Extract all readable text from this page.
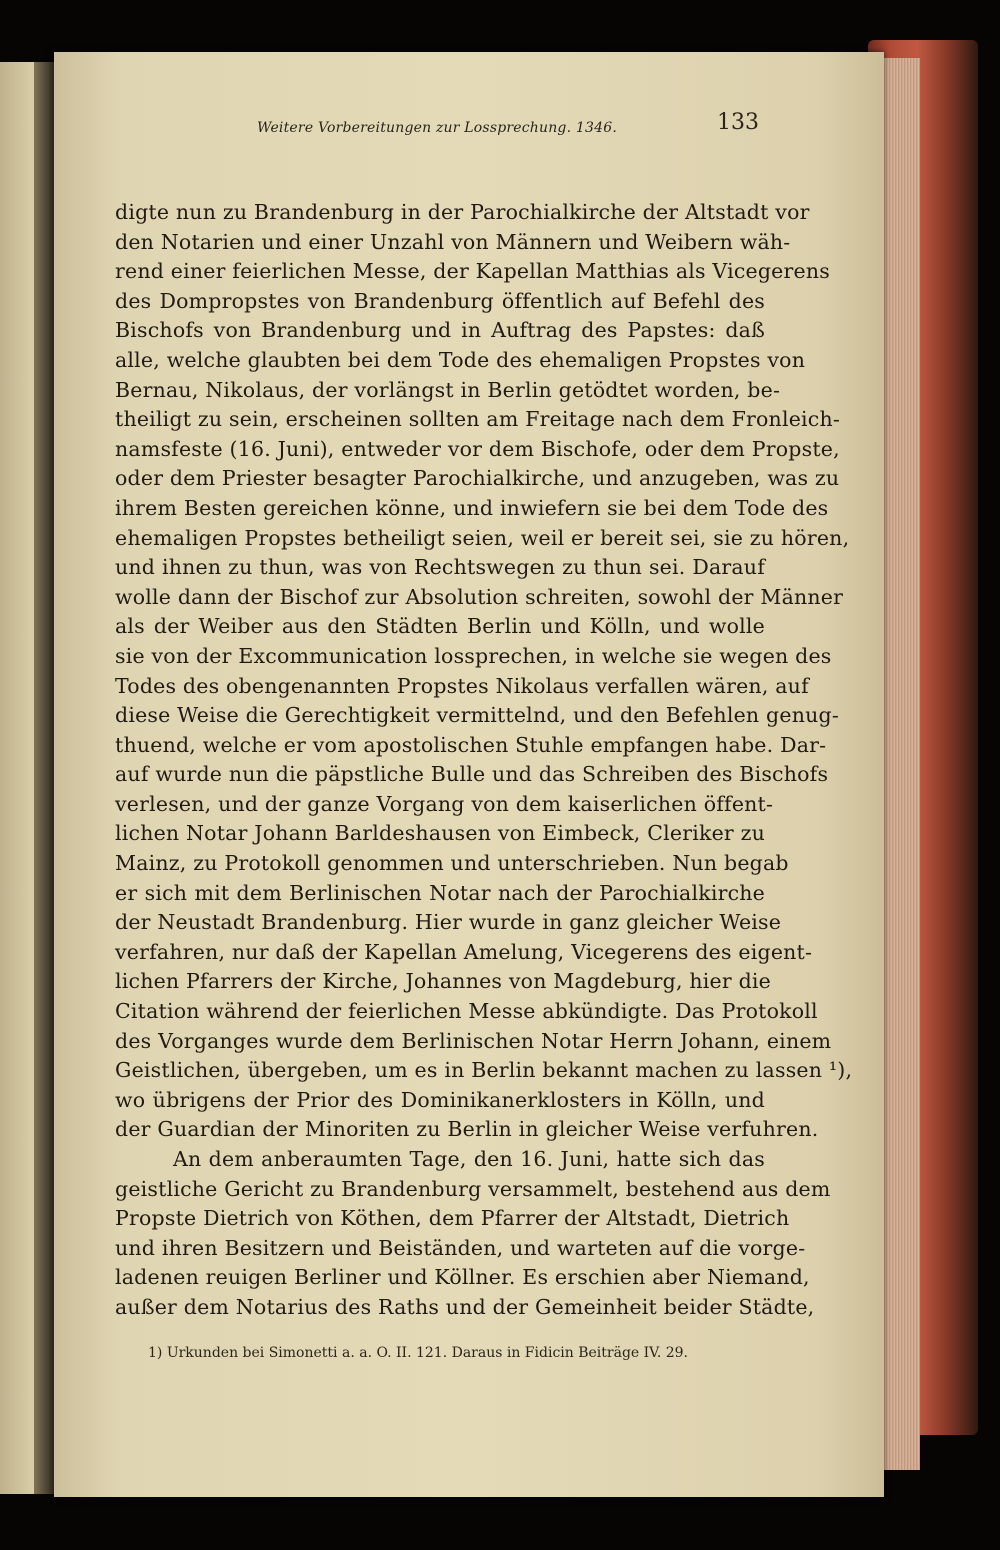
Weitere Vorbereitungen zur Lossprechung. 1346.	133
digte nun zu Brandenburg in der Parochialkirche der Altstadt vor
den Notarien und einer Unzahl von Männern und Weibern wäh-
rend einer feierlichen Messe, der Kapellan Matthias als Vicegerens
des Dompropstes von Brandenburg öffentlich auf Befehl des
Bischofs von Brandenburg und in Auftrag des Papstes: daß
alle, welche glaubten bei dem Tode des ehemaligen Propstes von
Bernau, Nikolaus, der vorlängst in Berlin getödtet worden, be-
theiligt zu sein, erscheinen sollten am Freitage nach dem Fronleich-
namsfeste (16. Juni), entweder vor dem Bischofe, oder dem Propste,
oder dem Priester besagter Parochialkirche, und anzugeben, was zu
ihrem Besten gereichen könne, und inwiefern sie bei dem Tode des
ehemaligen Propstes betheiligt seien, weil er bereit sei, sie zu hören,
und ihnen zu thun, was von Rechtswegen zu thun sei. Darauf
wolle dann der Bischof zur Absolution schreiten, sowohl der Männer
als der Weiber aus den Städten Berlin und Kölln, und wolle
sie von der Excommunication lossprechen, in welche sie wegen des
Todes des obengenannten Propstes Nikolaus verfallen wären, auf
diese Weise die Gerechtigkeit vermittelnd, und den Befehlen genug-
thuend, welche er vom apostolischen Stuhle empfangen habe. Dar-
auf wurde nun die päpstliche Bulle und das Schreiben des Bischofs
verlesen, und der ganze Vorgang von dem kaiserlichen öffent-
lichen Notar Johann Barldeshausen von Eimbeck, Cleriker zu
Mainz, zu Protokoll genommen und unterschrieben. Nun begab
er sich mit dem Berlinischen Notar nach der Parochialkirche
der Neustadt Brandenburg. Hier wurde in ganz gleicher Weise
verfahren, nur daß der Kapellan Amelung, Vicegerens des eigent-
lichen Pfarrers der Kirche, Johannes von Magdeburg, hier die
Citation während der feierlichen Messe abkündigte. Das Protokoll
des Vorganges wurde dem Berlinischen Notar Herrn Johann, einem
Geistlichen, übergeben, um es in Berlin bekannt machen zu lassen ¹),
wo übrigens der Prior des Dominikanerklosters in Kölln, und
der Guardian der Minoriten zu Berlin in gleicher Weise verfuhren.
An dem anberaumten Tage, den 16. Juni, hatte sich das
geistliche Gericht zu Brandenburg versammelt, bestehend aus dem
Propste Dietrich von Köthen, dem Pfarrer der Altstadt, Dietrich
und ihren Besitzern und Beiständen, und warteten auf die vorge-
ladenen reuigen Berliner und Köllner. Es erschien aber Niemand,
außer dem Notarius des Raths und der Gemeinheit beider Städte,
1) Urkunden bei Simonetti a. a. O. II. 121. Daraus in Fidicin Beiträge IV. 29.
